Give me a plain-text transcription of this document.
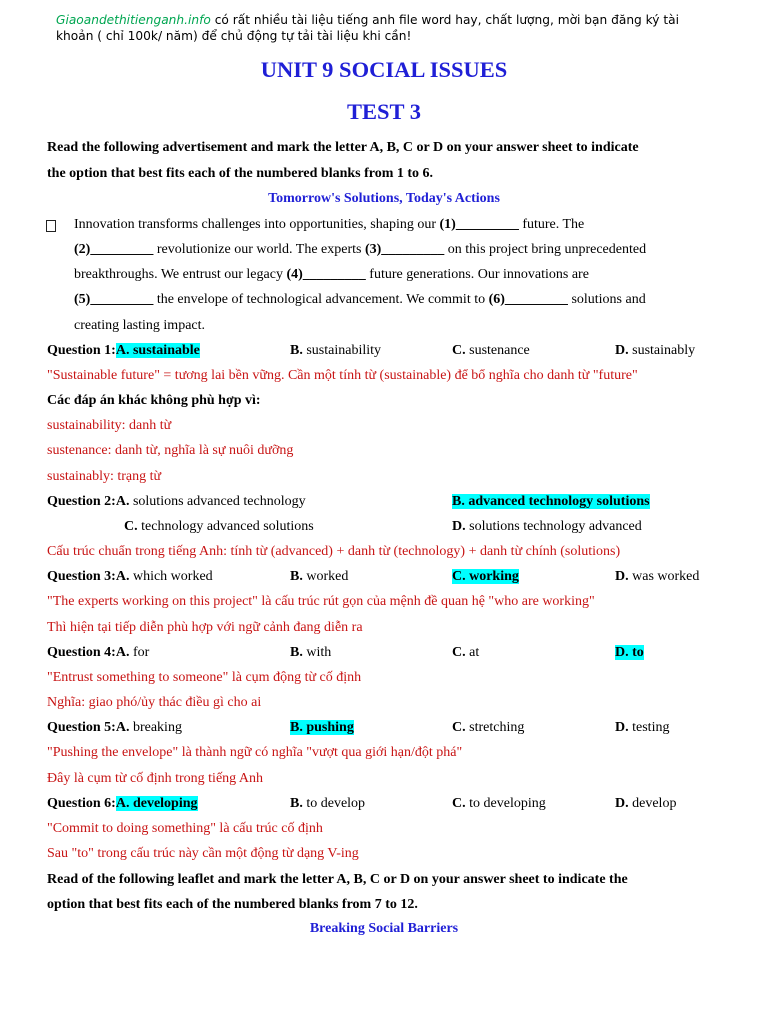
Giaoandethitienganh.info có rất nhiều tài liệu tiếng anh file word hay, chất lượng, mời bạn đăng ký tài
khoản ( chỉ 100k/ năm) để chủ động tự tải tài liệu khi cần!
UNIT 9 SOCIAL ISSUES
TEST 3
Read the following advertisement and mark the letter A, B, C or D on your answer sheet to indicate
the option that best fits each of the numbered blanks from 1 to 6.
Tomorrow's Solutions, Today's Actions
Innovation transforms challenges into opportunities, shaping our (1)_________ future. The
(2)_________ revolutionize our world. The experts (3)_________ on this project bring unprecedented
breakthroughs. We entrust our legacy (4)_________ future generations. Our innovations are
(5)_________ the envelope of technological advancement. We commit to (6)_________ solutions and
creating lasting impact.
Question 1:A. sustainable	B. sustainability	C. sustenance	D. sustainably
"Sustainable future" = tương lai bền vững. Cần một tính từ (sustainable) để bổ nghĩa cho danh từ "future"
Các đáp án khác không phù hợp vì:
sustainability: danh từ
sustenance: danh từ, nghĩa là sự nuôi dưỡng
sustainably: trạng từ
Question 2:A. solutions advanced technology	B. advanced technology solutions
C. technology advanced solutions	D. solutions technology advanced
Cấu trúc chuẩn trong tiếng Anh: tính từ (advanced) + danh từ (technology) + danh từ chính (solutions)
Question 3:A. which worked	B. worked	C. working	D. was worked
"The experts working on this project" là cấu trúc rút gọn của mệnh đề quan hệ "who are working"
Thì hiện tại tiếp diễn phù hợp với ngữ cảnh đang diễn ra
Question 4:A. for	B. with	C. at	D. to
"Entrust something to someone" là cụm động từ cố định
Nghĩa: giao phó/ủy thác điều gì cho ai
Question 5:A. breaking	B. pushing	C. stretching	D. testing
"Pushing the envelope" là thành ngữ có nghĩa "vượt qua giới hạn/đột phá"
Đây là cụm từ cố định trong tiếng Anh
Question 6:A. developing	B. to develop	C. to developing	D. develop
"Commit to doing something" là cấu trúc cố định
Sau "to" trong cấu trúc này cần một động từ dạng V-ing
Read of the following leaflet and mark the letter A, B, C or D on your answer sheet to indicate the
option that best fits each of the numbered blanks from 7 to 12.
Breaking Social Barriers
